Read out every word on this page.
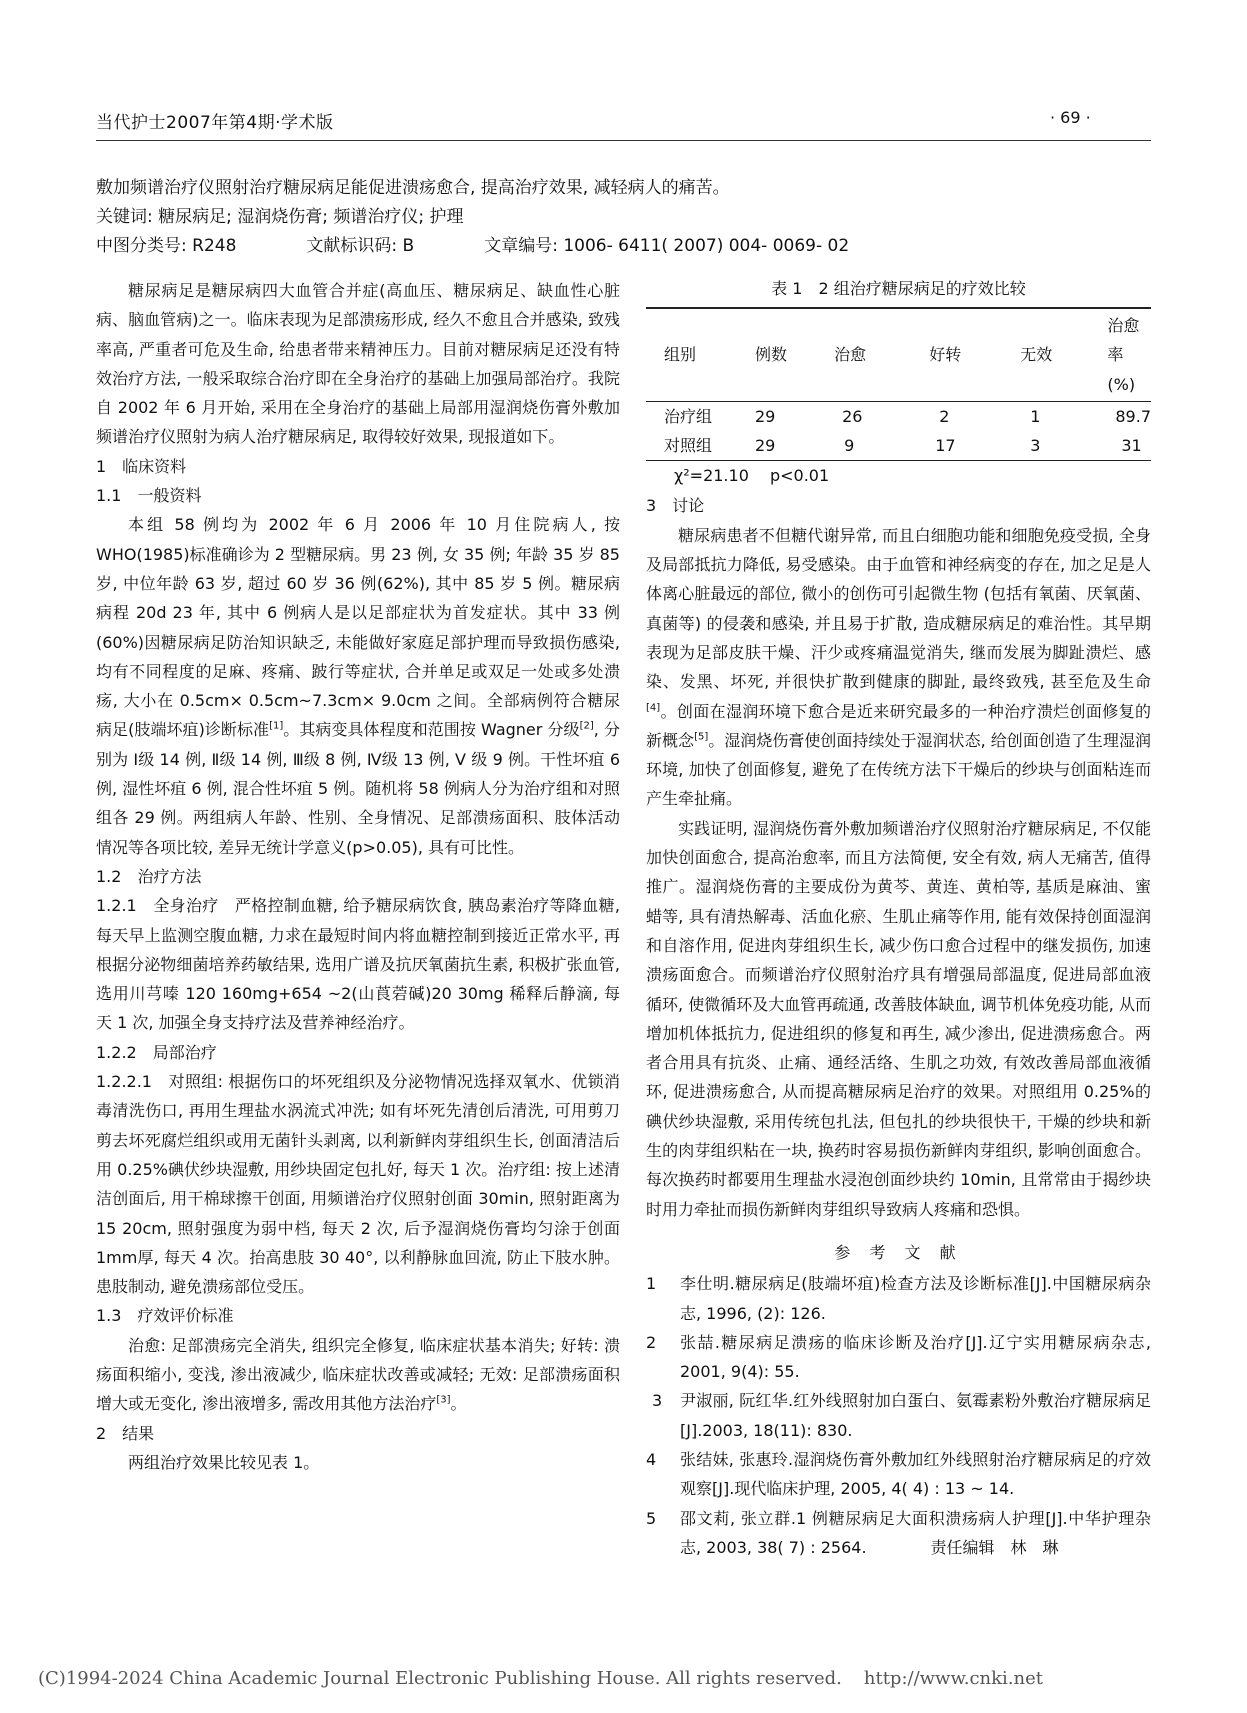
当代护士2007年第4期·学术版	· 69 ·
敷加频谱治疗仪照射治疗糖尿病足能促进溃疡愈合, 提高治疗效果, 减轻病人的痛苦。
关键词: 糖尿病足; 湿润烧伤膏; 频谱治疗仪; 护理
中图分类号: R248	文献标识码: B	文章编号: 1006- 6411( 2007) 004- 0069- 02

糖尿病足是糖尿病四大血管合并症(高血压、糖尿病足、缺血性心脏病、脑血管病)之一。临床表现为足部溃疡形成, 经久不愈且合并感染, 致残率高, 严重者可危及生命, 给患者带来精神压力。目前对糖尿病足还没有特效治疗方法, 一般采取综合治疗即在全身治疗的基础上加强局部治疗。我院自 2002 年 6 月开始, 采用在全身治疗的基础上局部用湿润烧伤膏外敷加频谱治疗仪照射为病人治疗糖尿病足, 取得较好效果, 现报道如下。

1　临床资料

1.1　一般资料

本组 58 例均为 2002 年 6 月 2006 年 10 月住院病人, 按 WHO(1985)标准确诊为 2 型糖尿病。男 23 例, 女 35 例; 年龄 35 岁 85 岁, 中位年龄 63 岁, 超过 60 岁 36 例(62%), 其中 85 岁 5 例。糖尿病病程 20d 23 年, 其中 6 例病人是以足部症状为首发症状。其中 33 例(60%)因糖尿病足防治知识缺乏, 未能做好家庭足部护理而导致损伤感染, 均有不同程度的足麻、疼痛、跛行等症状, 合并单足或双足一处或多处溃疡, 大小在 0.5cm× 0.5cm~7.3cm× 9.0cm 之间。全部病例符合糖尿病足(肢端坏疽)诊断标准[1]。其病变具体程度和范围按 Wagner 分级[2], 分别为 Ⅰ级 14 例, Ⅱ级 14 例, Ⅲ级 8 例, Ⅳ级 13 例, Ⅴ 级 9 例。干性坏疽 6 例, 湿性坏疽 6 例, 混合性坏疽 5 例。随机将 58 例病人分为治疗组和对照组各 29 例。两组病人年龄、性别、全身情况、足部溃疡面积、肢体活动情况等各项比较, 差异无统计学意义(p>0.05), 具有可比性。

1.2　治疗方法

1.2.1　全身治疗　严格控制血糖, 给予糖尿病饮食, 胰岛素治疗等降血糖, 每天早上监测空腹血糖, 力求在最短时间内将血糖控制到接近正常水平, 再根据分泌物细菌培养药敏结果, 选用广谱及抗厌氧菌抗生素, 积极扩张血管, 选用川芎嗪 120 160mg+654 ~2(山莨菪碱)20 30mg 稀释后静滴, 每天 1 次, 加强全身支持疗法及营养神经治疗。

1.2.2　局部治疗

1.2.2.1　对照组: 根据伤口的坏死组织及分泌物情况选择双氧水、优锁消毒清洗伤口, 再用生理盐水涡流式冲洗; 如有坏死先清创后清洗, 可用剪刀剪去坏死腐烂组织或用无菌针头剥离, 以利新鲜肉芽组织生长, 创面清洁后用 0.25%碘伏纱块湿敷, 用纱块固定包扎好, 每天 1 次。治疗组: 按上述清洁创面后, 用干棉球擦干创面, 用频谱治疗仪照射创面 30min, 照射距离为 15 20cm, 照射强度为弱中档, 每天 2 次, 后予湿润烧伤膏均匀涂于创面 1mm厚, 每天 4 次。抬高患肢 30 40°, 以利静脉血回流, 防止下肢水肿。患肢制动, 避免溃疡部位受压。

1.3　疗效评价标准

治愈: 足部溃疡完全消失, 组织完全修复, 临床症状基本消失; 好转: 溃疡面积缩小, 变浅, 渗出液减少, 临床症状改善或减轻; 无效: 足部溃疡面积增大或无变化, 渗出液增多, 需改用其他方法治疗[3]。

2　结果

两组治疗效果比较见表 1。

表 1　2 组治疗糖尿病足的疗效比较
组别	例数	治愈	好转	无效	治愈率(%)
治疗组	29	26	2	1	89.7
对照组	29	9	17	3	31
χ²=21.10　 p<0.01

3　讨论

糖尿病患者不但糖代谢异常, 而且白细胞功能和细胞免疫受损, 全身及局部抵抗力降低, 易受感染。由于血管和神经病变的存在, 加之足是人体离心脏最远的部位, 微小的创伤可引起微生物 (包括有氧菌、厌氧菌、真菌等) 的侵袭和感染, 并且易于扩散, 造成糖尿病足的难治性。其早期表现为足部皮肤干燥、汗少或疼痛温觉消失, 继而发展为脚趾溃烂、感染、发黑、坏死, 并很快扩散到健康的脚趾, 最终致残, 甚至危及生命[4]。创面在湿润环境下愈合是近来研究最多的一种治疗溃烂创面修复的新概念[5]。湿润烧伤膏使创面持续处于湿润状态, 给创面创造了生理湿润环境, 加快了创面修复, 避免了在传统方法下干燥后的纱块与创面粘连而产生牵扯痛。

实践证明, 湿润烧伤膏外敷加频谱治疗仪照射治疗糖尿病足, 不仅能加快创面愈合, 提高治愈率, 而且方法简便, 安全有效, 病人无痛苦, 值得推广。湿润烧伤膏的主要成份为黄芩、黄连、黄柏等, 基质是麻油、蜜蜡等, 具有清热解毒、活血化瘀、生肌止痛等作用, 能有效保持创面湿润和自溶作用, 促进肉芽组织生长, 减少伤口愈合过程中的继发损伤, 加速溃疡面愈合。而频谱治疗仪照射治疗具有增强局部温度, 促进局部血液循环, 使微循环及大血管再疏通, 改善肢体缺血, 调节机体免疫功能, 从而增加机体抵抗力, 促进组织的修复和再生, 减少渗出, 促进溃疡愈合。两者合用具有抗炎、止痛、通经活络、生肌之功效, 有效改善局部血液循环, 促进溃疡愈合, 从而提高糖尿病足治疗的效果。对照组用 0.25%的碘伏纱块湿敷, 采用传统包扎法, 但包扎的纱块很快干, 干燥的纱块和新生的肉芽组织粘在一块, 换药时容易损伤新鲜肉芽组织, 影响创面愈合。每次换药时都要用生理盐水浸泡创面纱块约 10min, 且常常由于揭纱块时用力牵扯而损伤新鲜肉芽组织导致病人疼痛和恐惧。

参 考 文 献
1	李仕明.糖尿病足(肢端坏疽)检查方法及诊断标准[J].中国糖尿病杂志, 1996, (2): 126.
2	张喆.糖尿病足溃疡的临床诊断及治疗[J].辽宁实用糖尿病杂志, 2001, 9(4): 55.
3	尹淑丽, 阮红华.红外线照射加白蛋白、氨霉素粉外敷治疗糖尿病足[J].2003, 18(11): 830.
4	张结妹, 张惠玲.湿润烧伤膏外敷加红外线照射治疗糖尿病足的疗效观察[J].现代临床护理, 2005, 4( 4) : 13 ~ 14.
5	邵文莉, 张立群.1 例糖尿病足大面积溃疡病人护理[J].中华护理杂志, 2003, 38( 7) : 2564.　　　　责任编辑　林　琳
(C)1994-2024 China Academic Journal Electronic Publishing House. All rights reserved. http://www.cnki.net
